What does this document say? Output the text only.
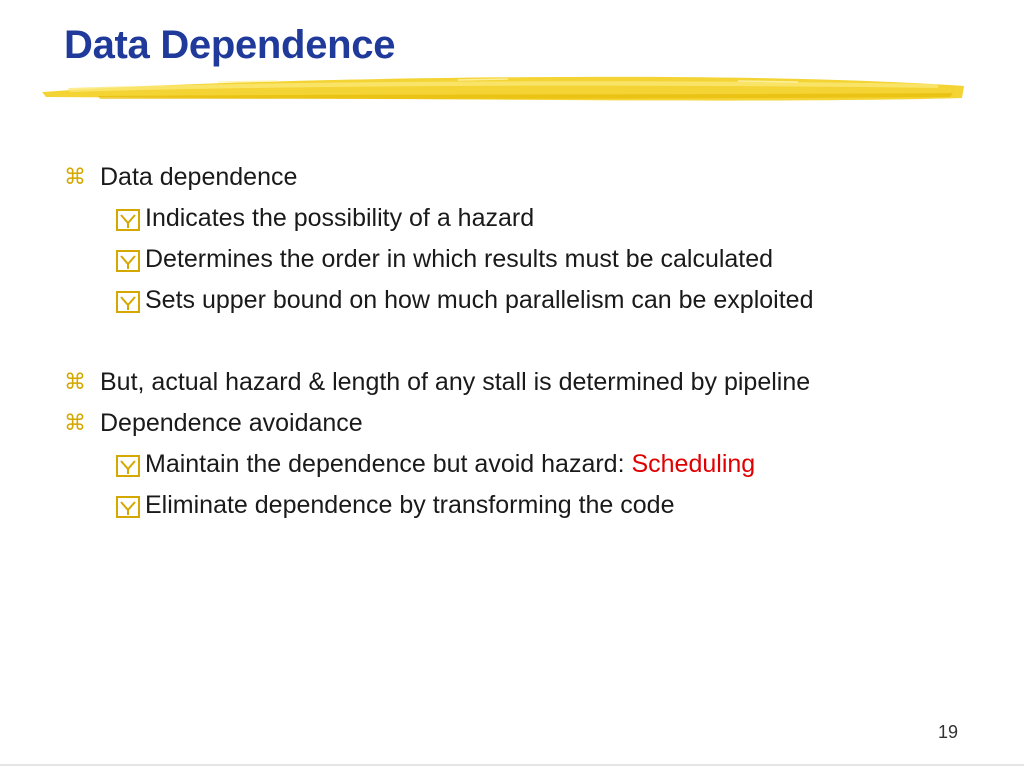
Data Dependence
⌘ Data dependence
Indicates the possibility of a hazard
Determines the order in which results must be calculated
Sets upper bound on how much parallelism can be exploited
⌘ But, actual hazard & length of any stall is determined by pipeline
⌘ Dependence avoidance
Maintain the dependence but avoid hazard: Scheduling
Eliminate dependence by transforming the code
19
